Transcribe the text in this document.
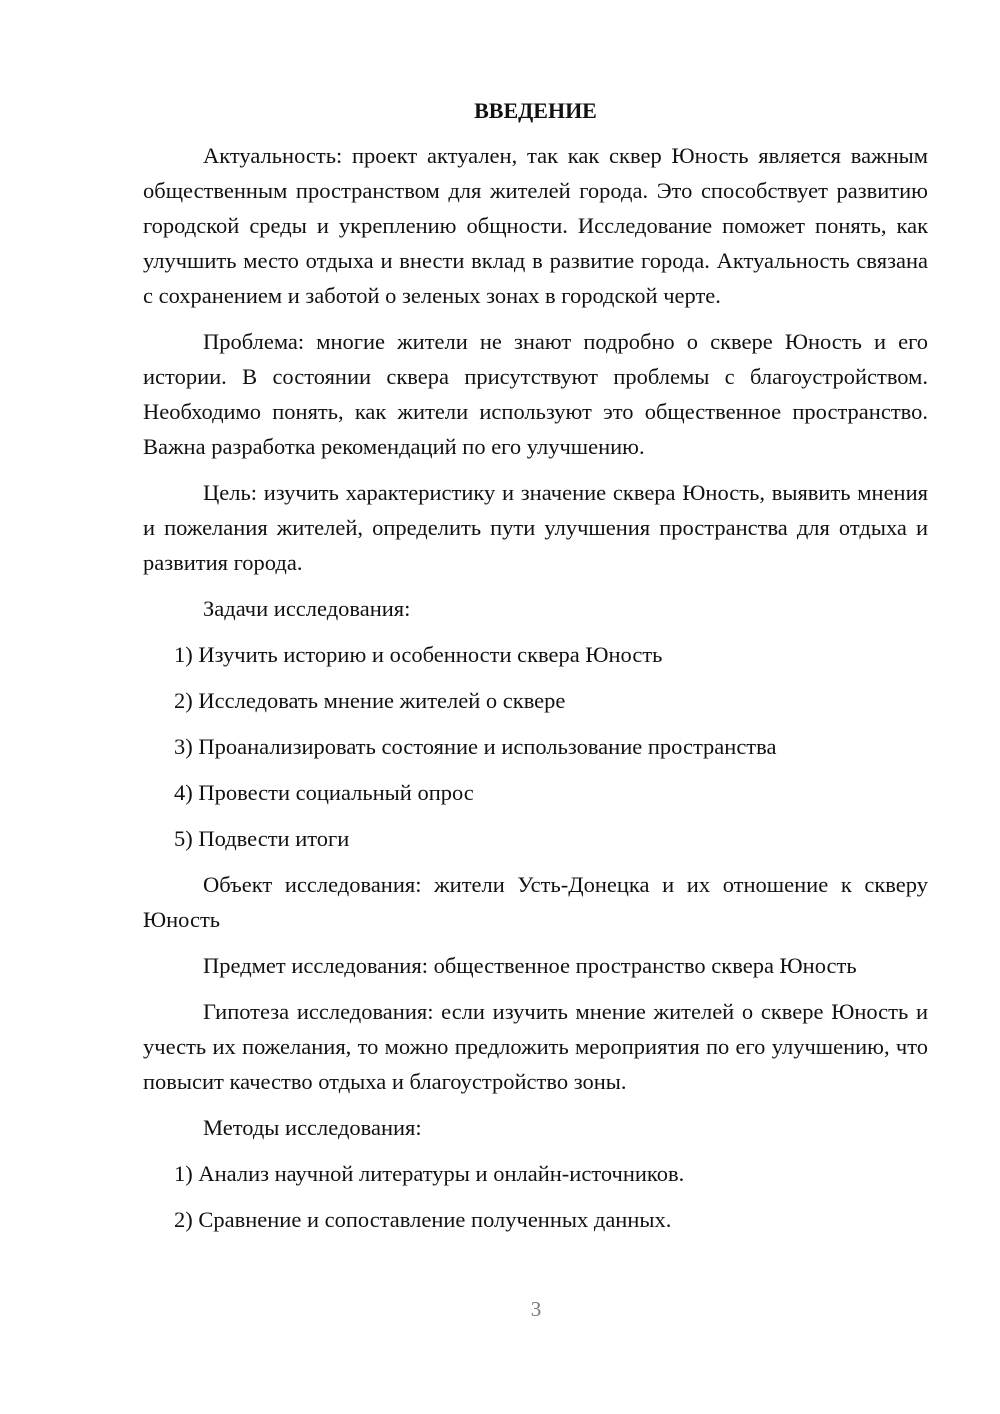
ВВЕДЕНИЕ

Актуальность: проект актуален, так как сквер Юность является важным общественным пространством для жителей города. Это способствует развитию городской среды и укреплению общности. Исследование поможет понять, как улучшить место отдыха и внести вклад в развитие города. Актуальность связана с сохранением и заботой о зеленых зонах в городской черте.

Проблема: многие жители не знают подробно о сквере Юность и его истории. В состоянии сквера присутствуют проблемы с благоустройством. Необходимо понять, как жители используют это общественное пространство. Важна разработка рекомендаций по его улучшению.

Цель: изучить характеристику и значение сквера Юность, выявить мнения и пожелания жителей, определить пути улучшения пространства для отдыха и развития города.

Задачи исследования:
1) Изучить историю и особенности сквера Юность
2) Исследовать мнение жителей о сквере
3) Проанализировать состояние и использование пространства
4) Провести социальный опрос
5) Подвести итоги

Объект исследования: жители Усть-Донецка и их отношение к скверу Юность

Предмет исследования: общественное пространство сквера Юность

Гипотеза исследования: если изучить мнение жителей о сквере Юность и учесть их пожелания, то можно предложить мероприятия по его улучшению, что повысит качество отдыха и благоустройство зоны.

Методы исследования:
1) Анализ научной литературы и онлайн-источников.
2) Сравнение и сопоставление полученных данных.
3
